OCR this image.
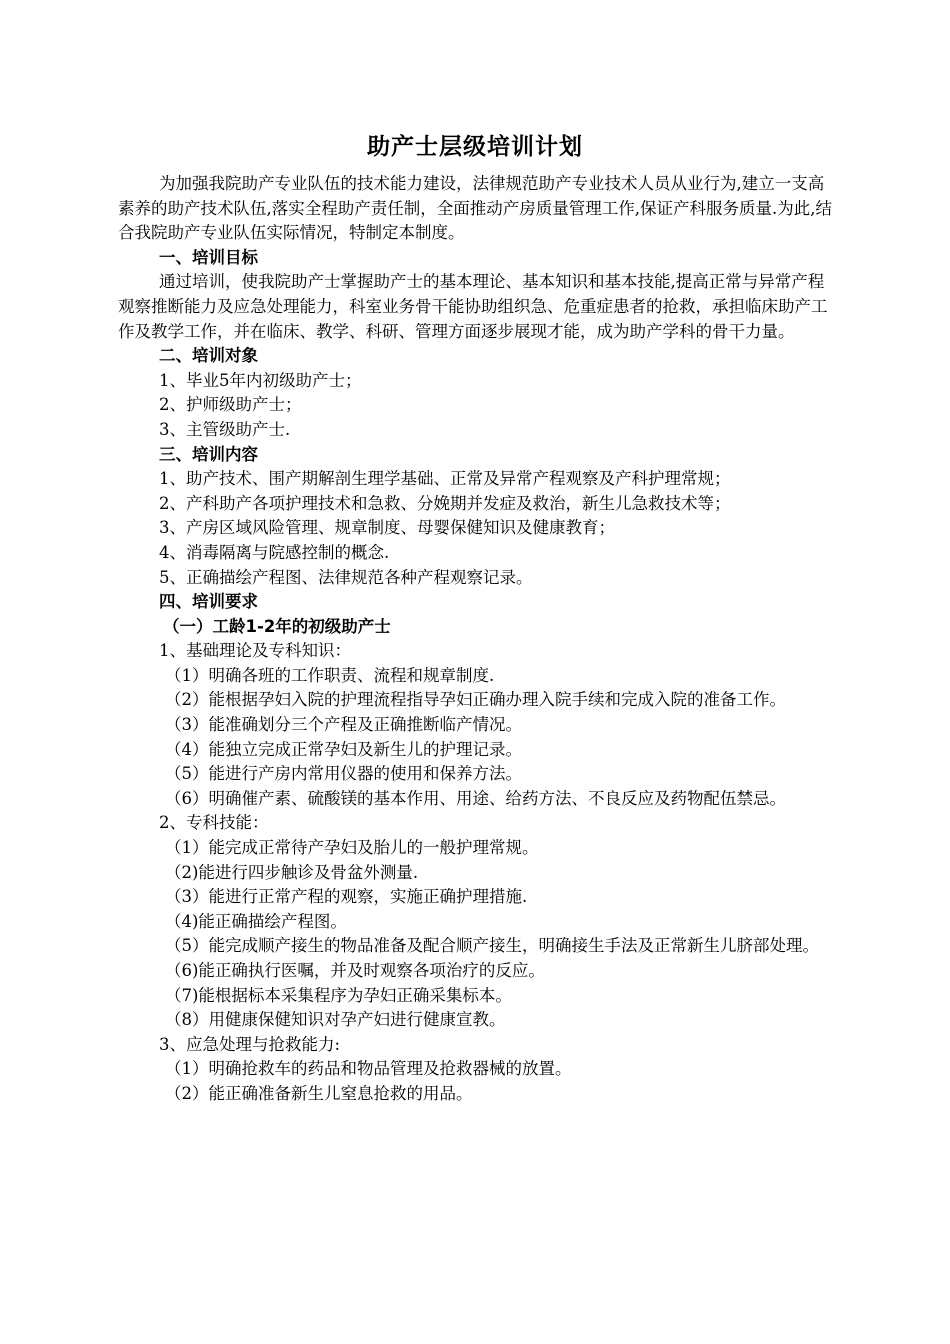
助产士层级培训计划

为加强我院助产专业队伍的技术能力建设，法律规范助产专业技术人员从业行为,建立一支高素养的助产技术队伍,落实全程助产责任制，全面推动产房质量管理工作,保证产科服务质量.为此,结合我院助产专业队伍实际情况，特制定本制度。

一、培训目标

通过培训，使我院助产士掌握助产士的基本理论、基本知识和基本技能,提高正常与异常产程观察推断能力及应急处理能力，科室业务骨干能协助组织急、危重症患者的抢救，承担临床助产工作及教学工作，并在临床、教学、科研、管理方面逐步展现才能，成为助产学科的骨干力量。

二、培训对象

1、毕业5年内初级助产士；

2、护师级助产士；

3、主管级助产士.

三、培训内容

1、助产技术、围产期解剖生理学基础、正常及异常产程观察及产科护理常规；

2、产科助产各项护理技术和急救、分娩期并发症及救治，新生儿急救技术等；

3、产房区域风险管理、规章制度、母婴保健知识及健康教育；

4、消毒隔离与院感控制的概念.

5、正确描绘产程图、法律规范各种产程观察记录。

四、培训要求

（一）工龄1-2年的初级助产士

1、基础理论及专科知识：

（1）明确各班的工作职责、流程和规章制度.

（2）能根据孕妇入院的护理流程指导孕妇正确办理入院手续和完成入院的准备工作。

（3）能准确划分三个产程及正确推断临产情况。

（4）能独立完成正常孕妇及新生儿的护理记录。

（5）能进行产房内常用仪器的使用和保养方法。

（6）明确催产素、硫酸镁的基本作用、用途、给药方法、不良反应及药物配伍禁忌。

2、专科技能：

（1）能完成正常待产孕妇及胎儿的一般护理常规。

（2)能进行四步触诊及骨盆外测量.

（3）能进行正常产程的观察，实施正确护理措施.

（4)能正确描绘产程图。

（5）能完成顺产接生的物品准备及配合顺产接生，明确接生手法及正常新生儿脐部处理。

（6)能正确执行医嘱，并及时观察各项治疗的反应。

（7)能根据标本采集程序为孕妇正确采集标本。

（8）用健康保健知识对孕产妇进行健康宣教。

3、应急处理与抢救能力:

（1）明确抢救车的药品和物品管理及抢救器械的放置。

（2）能正确准备新生儿窒息抢救的用品。
